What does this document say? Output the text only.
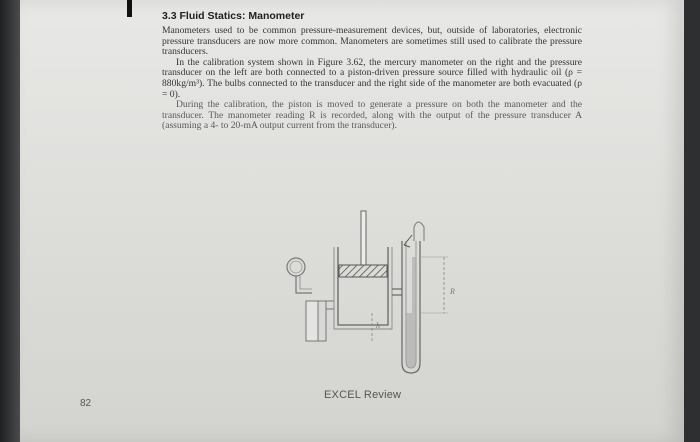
3.3 Fluid Statics: Manometer

Manometers used to be common pressure-measurement devices, but, outside of laboratories, electronic pressure transducers are now more common. Manometers are sometimes still used to calibrate the pressure transducers.

In the calibration system shown in Figure 3.62, the mercury manometer on the right and the pressure transducer on the left are both connected to a piston-driven pressure source filled with hydraulic oil (ρ = 880kg/m³). The bulbs connected to the transducer and the right side of the manometer are both evacuated (ρ = 0).

During the calibration, the piston is moved to generate a pressure on both the manometer and the transducer. The manometer reading R is recorded, along with the output of the pressure transducer A (assuming a 4- to 20-mA output current from the transducer).

R
h
EXCEL Review
82
